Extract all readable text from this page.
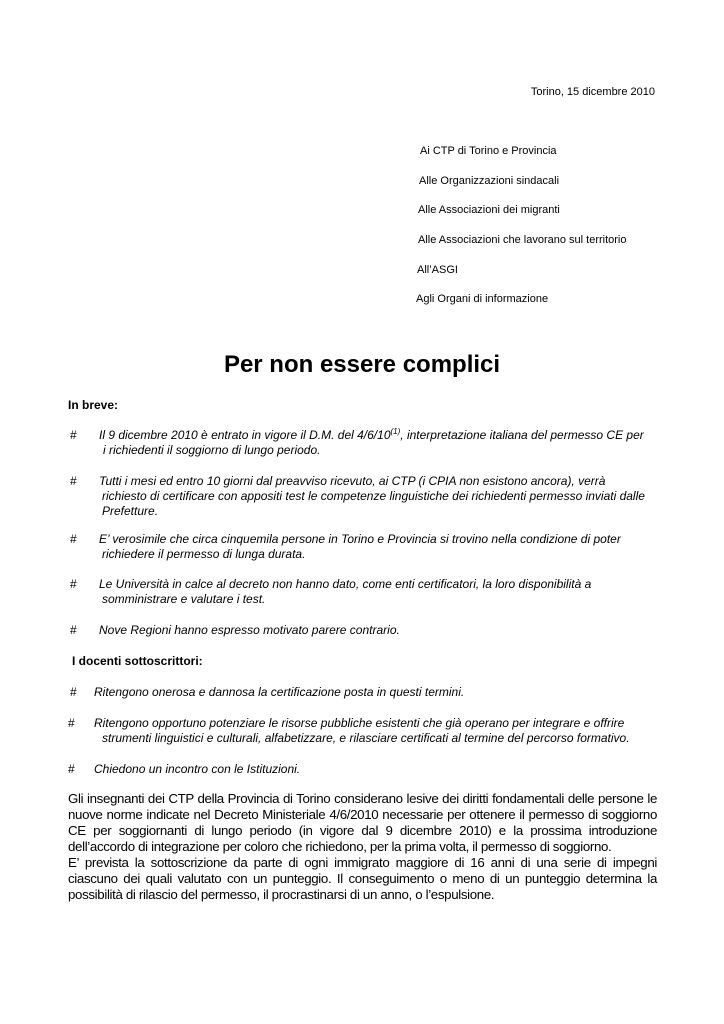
Torino, 15 dicembre 2010
Ai CTP di Torino e Provincia
Alle Organizzazioni sindacali
Alle Associazioni dei migranti
Alle Associazioni che lavorano sul territorio
All’ASGI
Agli Organi di informazione
Per non essere complici
In breve:
#	Il 9 dicembre 2010 è entrato in vigore il D.M. del 4/6/10$^{(1)}$, interpretazione italiana del permesso CE per
i richiedenti il soggiorno di lungo periodo.
#	Tutti i mesi ed entro 10 giorni dal preavviso ricevuto, ai CTP (i CPIA non esistono ancora), verrà
richiesto di certificare con appositi test le competenze linguistiche dei richiedenti permesso inviati dalle
Prefetture.
#	E’ verosimile che circa cinquemila persone in Torino e Provincia si trovino nella condizione di poter
richiedere il permesso di lunga durata.
#	Le Università in calce al decreto non hanno dato, come enti certificatori, la loro disponibilità a
somministrare e valutare i test.
#	Nove Regioni hanno espresso motivato parere contrario.
I docenti sottoscrittori:
#	Ritengono onerosa e dannosa la certificazione posta in questi termini.
#	Ritengono opportuno potenziare le risorse pubbliche esistenti che già operano per integrare e offrire
strumenti linguistici e culturali, alfabetizzare, e rilasciare certificati al termine del percorso formativo.
#	Chiedono un incontro con le Istituzioni.

Gli insegnanti dei CTP della Provincia di Torino considerano lesive dei diritti fondamentali delle persone le nuove norme indicate nel Decreto Ministeriale 4/6/2010 necessarie per ottenere il permesso di soggiorno CE per soggiornanti di lungo periodo (in vigore dal 9 dicembre 2010) e la prossima introduzione dell’accordo di integrazione per coloro che richiedono, per la prima volta, il permesso di soggiorno.

E’ prevista la sottoscrizione da parte di ogni immigrato maggiore di 16 anni di una serie di impegni ciascuno dei quali valutato con un punteggio. Il conseguimento o meno di un punteggio determina la possibilità di rilascio del permesso, il procrastinarsi di un anno, o l’espulsione.
